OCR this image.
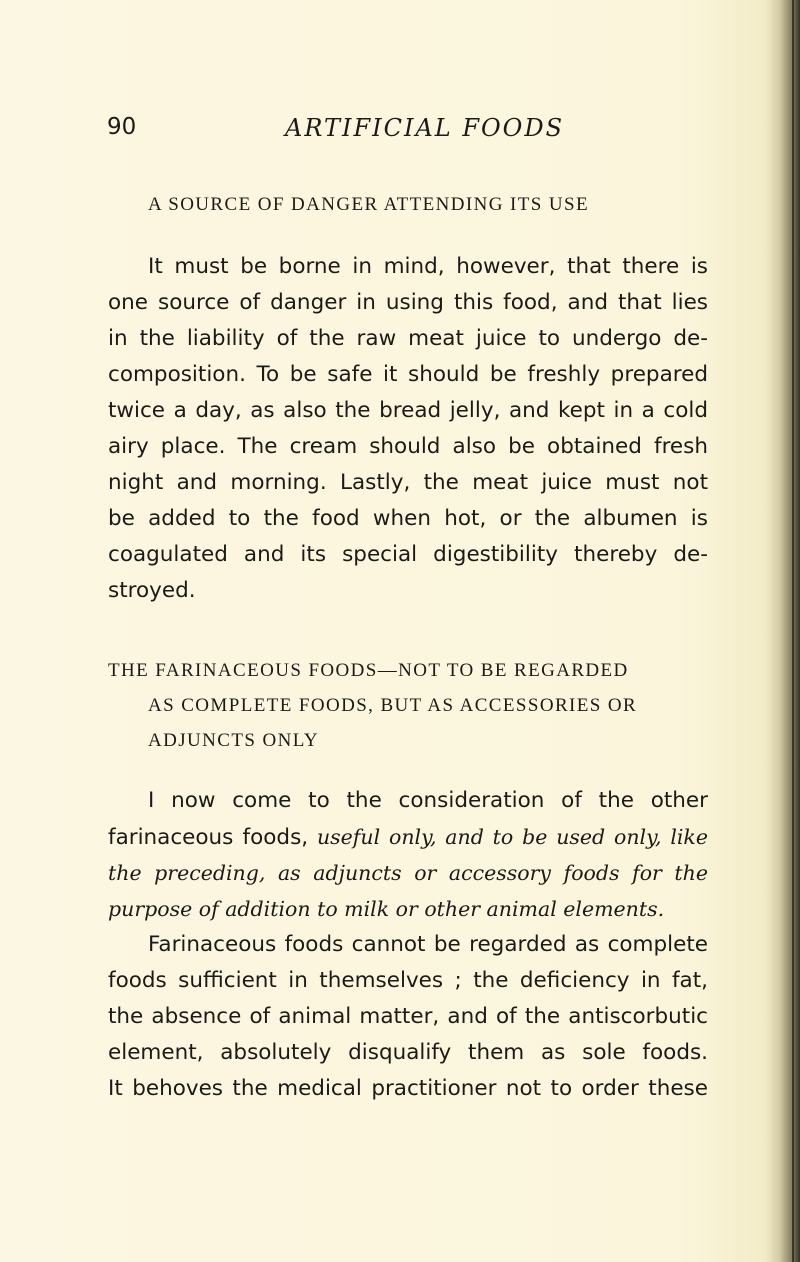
90	ARTIFICIAL FOODS
A SOURCE OF DANGER ATTENDING ITS USE
It must be borne in mind, however, that there is
one source of danger in using this food, and that lies
in the liability of the raw meat juice to undergo de-
composition. To be safe it should be freshly prepared
twice a day, as also the bread jelly, and kept in a cold
airy place. The cream should also be obtained fresh
night and morning. Lastly, the meat juice must not
be added to the food when hot, or the albumen is
coagulated and its special digestibility thereby de-
stroyed.
THE FARINACEOUS FOODS—NOT TO BE REGARDED
AS COMPLETE FOODS, BUT AS ACCESSORIES OR
ADJUNCTS ONLY
I now come to the consideration of the other
farinaceous foods, useful only, and to be used only, like
the preceding, as adjuncts or accessory foods for the
purpose of addition to milk or other animal elements.
Farinaceous foods cannot be regarded as complete
foods sufficient in themselves ; the deficiency in fat,
the absence of animal matter, and of the antiscorbutic
element, absolutely disqualify them as sole foods.
It behoves the medical practitioner not to order these
